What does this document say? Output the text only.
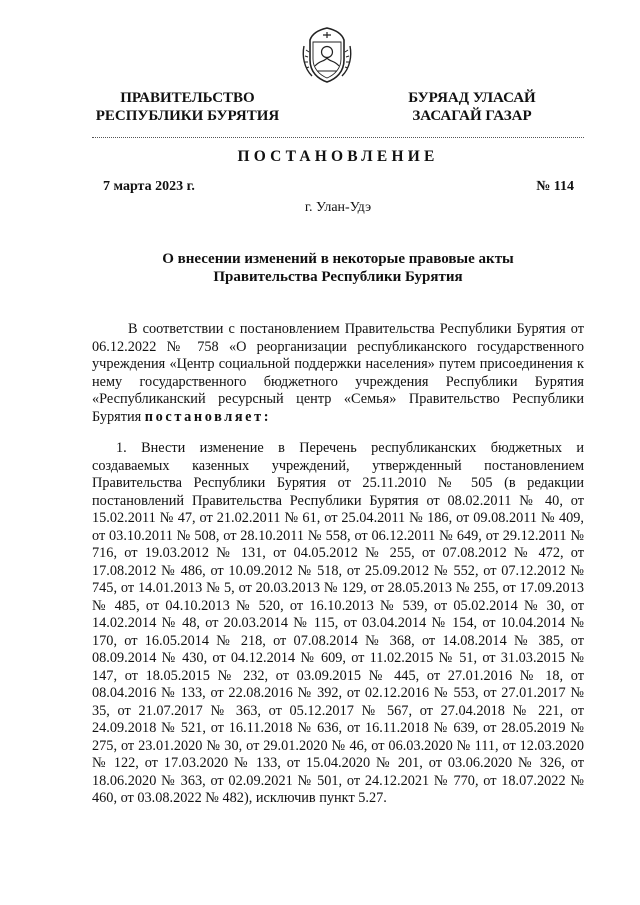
ПРАВИТЕЛЬСТВО
РЕСПУБЛИКИ БУРЯТИЯ
БУРЯАД УЛАСАЙ
ЗАСАГАЙ ГАЗАР
ПОСТАНОВЛЕНИЕ
7 марта 2023 г.	№ 114
г. Улан-Удэ
О внесении изменений в некоторые правовые акты
Правительства Республики Бурятия
В соответствии с постановлением Правительства Республики Бурятия от 06.12.2022 № 758 «О реорганизации республиканского государственного учреждения «Центр социальной поддержки населения» путем присоединения к нему государственного бюджетного учреждения Республики Бурятия «Республиканский ресурсный центр «Семья» Правительство Республики Бурятия постановляет:
1. Внести изменение в Перечень республиканских бюджетных и создаваемых казенных учреждений, утвержденный постановлением Правительства Республики Бурятия от 25.11.2010 № 505 (в редакции постановлений Правительства Республики Бурятия от 08.02.2011 № 40, от 15.02.2011 № 47, от 21.02.2011 № 61, от 25.04.2011 № 186, от 09.08.2011 № 409, от 03.10.2011 № 508, от 28.10.2011 № 558, от 06.12.2011 № 649, от 29.12.2011 № 716, от 19.03.2012 № 131, от 04.05.2012 № 255, от 07.08.2012 № 472, от 17.08.2012 № 486, от 10.09.2012 № 518, от 25.09.2012 № 552, от 07.12.2012 № 745, от 14.01.2013 № 5, от 20.03.2013 № 129, от 28.05.2013 № 255, от 17.09.2013 № 485, от 04.10.2013 № 520, от 16.10.2013 № 539, от 05.02.2014 № 30, от 14.02.2014 № 48, от 20.03.2014 № 115, от 03.04.2014 № 154, от 10.04.2014 № 170, от 16.05.2014 № 218, от 07.08.2014 № 368, от 14.08.2014 № 385, от 08.09.2014 № 430, от 04.12.2014 № 609, от 11.02.2015 № 51, от 31.03.2015 № 147, от 18.05.2015 № 232, от 03.09.2015 № 445, от 27.01.2016 № 18, от 08.04.2016 № 133, от 22.08.2016 № 392, от 02.12.2016 № 553, от 27.01.2017 № 35, от 21.07.2017 № 363, от 05.12.2017 № 567, от 27.04.2018 № 221, от 24.09.2018 № 521, от 16.11.2018 № 636, от 16.11.2018 № 639, от 28.05.2019 № 275, от 23.01.2020 № 30, от 29.01.2020 № 46, от 06.03.2020 № 111, от 12.03.2020 № 122, от 17.03.2020 № 133, от 15.04.2020 № 201, от 03.06.2020 № 326, от 18.06.2020 № 363, от 02.09.2021 № 501, от 24.12.2021 № 770, от 18.07.2022 № 460, от 03.08.2022 № 482), исключив пункт 5.27.
